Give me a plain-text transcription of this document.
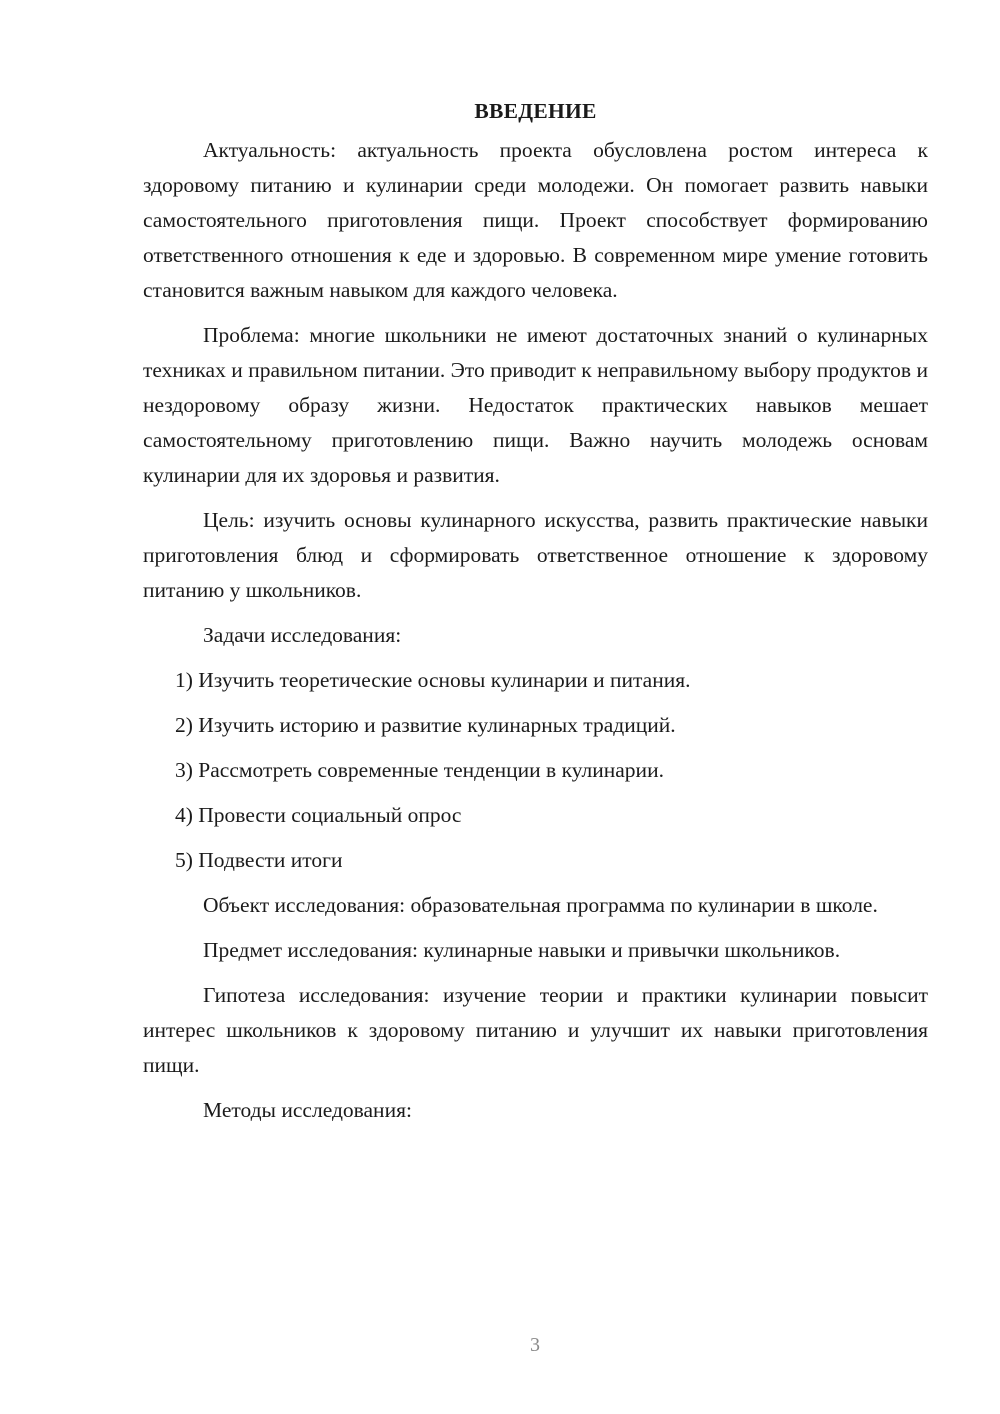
ВВЕДЕНИЕ

Актуальность: актуальность проекта обусловлена ростом интереса к здоровому питанию и кулинарии среди молодежи. Он помогает развить навыки самостоятельного приготовления пищи. Проект способствует формированию ответственного отношения к еде и здоровью. В современном мире умение готовить становится важным навыком для каждого человека.

Проблема: многие школьники не имеют достаточных знаний о кулинарных техниках и правильном питании. Это приводит к неправильному выбору продуктов и нездоровому образу жизни. Недостаток практических навыков мешает самостоятельному приготовлению пищи. Важно научить молодежь основам кулинарии для их здоровья и развития.

Цель: изучить основы кулинарного искусства, развить практические навыки приготовления блюд и сформировать ответственное отношение к здоровому питанию у школьников.

Задачи исследования:

1) Изучить теоретические основы кулинарии и питания.
2) Изучить историю и развитие кулинарных традиций.
3) Рассмотреть современные тенденции в кулинарии.
4) Провести социальный опрос
5) Подвести итоги

Объект исследования: образовательная программа по кулинарии в школе.

Предмет исследования: кулинарные навыки и привычки школьников.

Гипотеза исследования: изучение теории и практики кулинарии повысит интерес школьников к здоровому питанию и улучшит их навыки приготовления пищи.

Методы исследования:

3
